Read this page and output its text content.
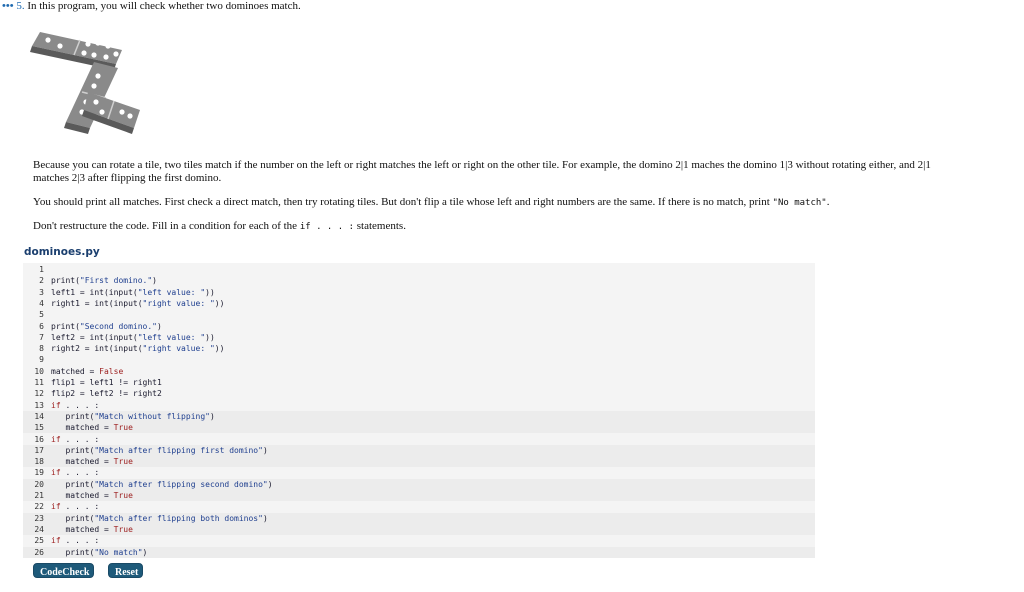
••• 5. In this program, you will check whether two dominoes match.
Because you can rotate a tile, two tiles match if the number on the left or right matches the left or right on the other tile. For example, the domino 2|1 maches the domino 1|3 without rotating either, and 2|1
matches 2|3 after flipping the first domino.
You should print all matches. First check a direct match, then try rotating tiles. But don't flip a tile whose left and right numbers are the same. If there is no match, print "No match".
Don't restructure the code. Fill in a condition for each of the if . . . : statements.
dominoes.py
1
2 print("First domino.")
3 left1 = int(input("left value: "))
4 right1 = int(input("right value: "))
5
6 print("Second domino.")
7 left2 = int(input("left value: "))
8 right2 = int(input("right value: "))
9
10 matched = False
11 flip1 = left1 != right1
12 flip2 = left2 != right2
13 if . . . :
14   print("Match without flipping")
15   matched = True
16 if . . . :
17   print("Match after flipping first domino")
18   matched = True
19 if . . . :
20   print("Match after flipping second domino")
21   matched = True
22 if . . . :
23   print("Match after flipping both dominos")
24   matched = True
25 if . . . :
26   print("No match")
CodeCheck	Reset
